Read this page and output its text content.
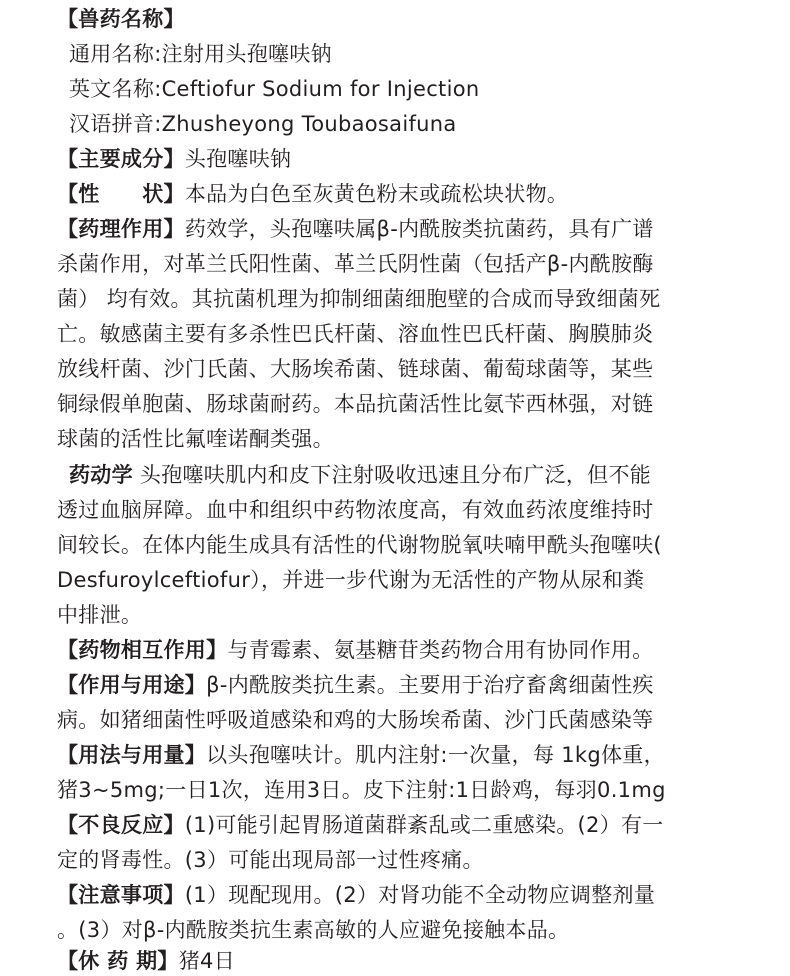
【兽药名称】
通用名称:注射用头孢噻呋钠
英文名称:Ceftiofur Sodium for Injection
汉语拼音:Zhusheyong Toubaosaifuna
【主要成分】头孢噻呋钠
【性　　状】本品为白色至灰黄色粉末或疏松块状物。
【药理作用】药效学，头孢噻呋属β-内酰胺类抗菌药，具有广谱
杀菌作用，对革兰氏阳性菌、革兰氏阴性菌（包括产β-内酰胺酶
菌） 均有效。其抗菌机理为抑制细菌细胞壁的合成而导致细菌死
亡。敏感菌主要有多杀性巴氏杆菌、溶血性巴氏杆菌、胸膜肺炎
放线杆菌、沙门氏菌、大肠埃希菌、链球菌、葡萄球菌等，某些
铜绿假单胞菌、肠球菌耐药。本品抗菌活性比氨苄西林强，对链
球菌的活性比氟喹诺酮类强。
药动学 头孢噻呋肌内和皮下注射吸收迅速且分布广泛，但不能
透过血脑屏障。血中和组织中药物浓度高，有效血药浓度维持时
间较长。在体内能生成具有活性的代谢物脱氧呋喃甲酰头孢噻呋(
Desfuroylceftiofur），并进一步代谢为无活性的产物从尿和粪
中排泄。
【药物相互作用】与青霉素、氨基糖苷类药物合用有协同作用。
【作用与用途】β-内酰胺类抗生素。主要用于治疗畜禽细菌性疾
病。如猪细菌性呼吸道感染和鸡的大肠埃希菌、沙门氏菌感染等
【用法与用量】以头孢噻呋计。肌内注射:一次量，每 1kg体重，
猪3~5mg;一日1次，连用3日。皮下注射:1日龄鸡，每羽0.1mg
【不良反应】(1)可能引起胃肠道菌群紊乱或二重感染。(2）有一
定的肾毒性。(3）可能出现局部一过性疼痛。
【注意事项】(1）现配现用。(2）对肾功能不全动物应调整剂量
。(3）对β-内酰胺类抗生素高敏的人应避免接触本品。
【休 药 期】猪4日
